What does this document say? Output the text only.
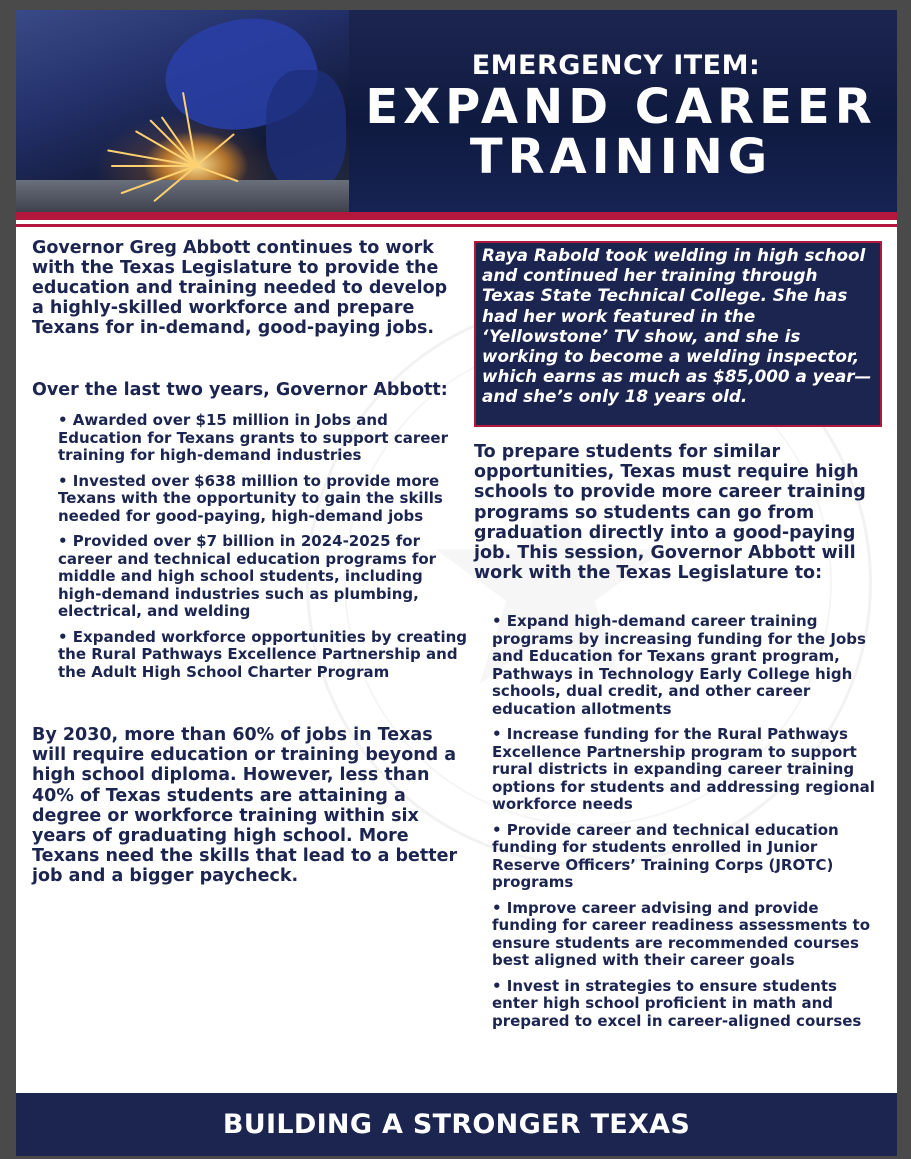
EMERGENCY ITEM:
EXPAND CAREER
TRAINING

Governor Greg Abbott continues to work with the Texas Legislature to provide the education and training needed to develop a highly-skilled workforce and prepare Texans for in-demand, good-paying jobs.

Over the last two years, Governor Abbott:

• Awarded over $15 million in Jobs and Education for Texans grants to support career training for high-demand industries
• Invested over $638 million to provide more Texans with the opportunity to gain the skills needed for good-paying, high-demand jobs
• Provided over $7 billion in 2024-2025 for career and technical education programs for middle and high school students, including high-demand industries such as plumbing, electrical, and welding
• Expanded workforce opportunities by creating the Rural Pathways Excellence Partnership and the Adult High School Charter Program

By 2030, more than 60% of jobs in Texas will require education or training beyond a high school diploma. However, less than 40% of Texas students are attaining a degree or workforce training within six years of graduating high school. More Texans need the skills that lead to a better job and a bigger paycheck.

Raya Rabold took welding in high school and continued her training through Texas State Technical College. She has had her work featured in the ‘Yellowstone’ TV show, and she is working to become a welding inspector, which earns as much as $85,000 a year—and she’s only 18 years old.

To prepare students for similar opportunities, Texas must require high schools to provide more career training programs so students can go from graduation directly into a good-paying job. This session, Governor Abbott will work with the Texas Legislature to:

• Expand high-demand career training programs by increasing funding for the Jobs and Education for Texans grant program, Pathways in Technology Early College high schools, dual credit, and other career education allotments
• Increase funding for the Rural Pathways Excellence Partnership program to support rural districts in expanding career training options for students and addressing regional workforce needs
• Provide career and technical education funding for students enrolled in Junior Reserve Officers’ Training Corps (JROTC) programs
• Improve career advising and provide funding for career readiness assessments to ensure students are recommended courses best aligned with their career goals
• Invest in strategies to ensure students enter high school proficient in math and prepared to excel in career-aligned courses
BUILDING A STRONGER TEXAS
